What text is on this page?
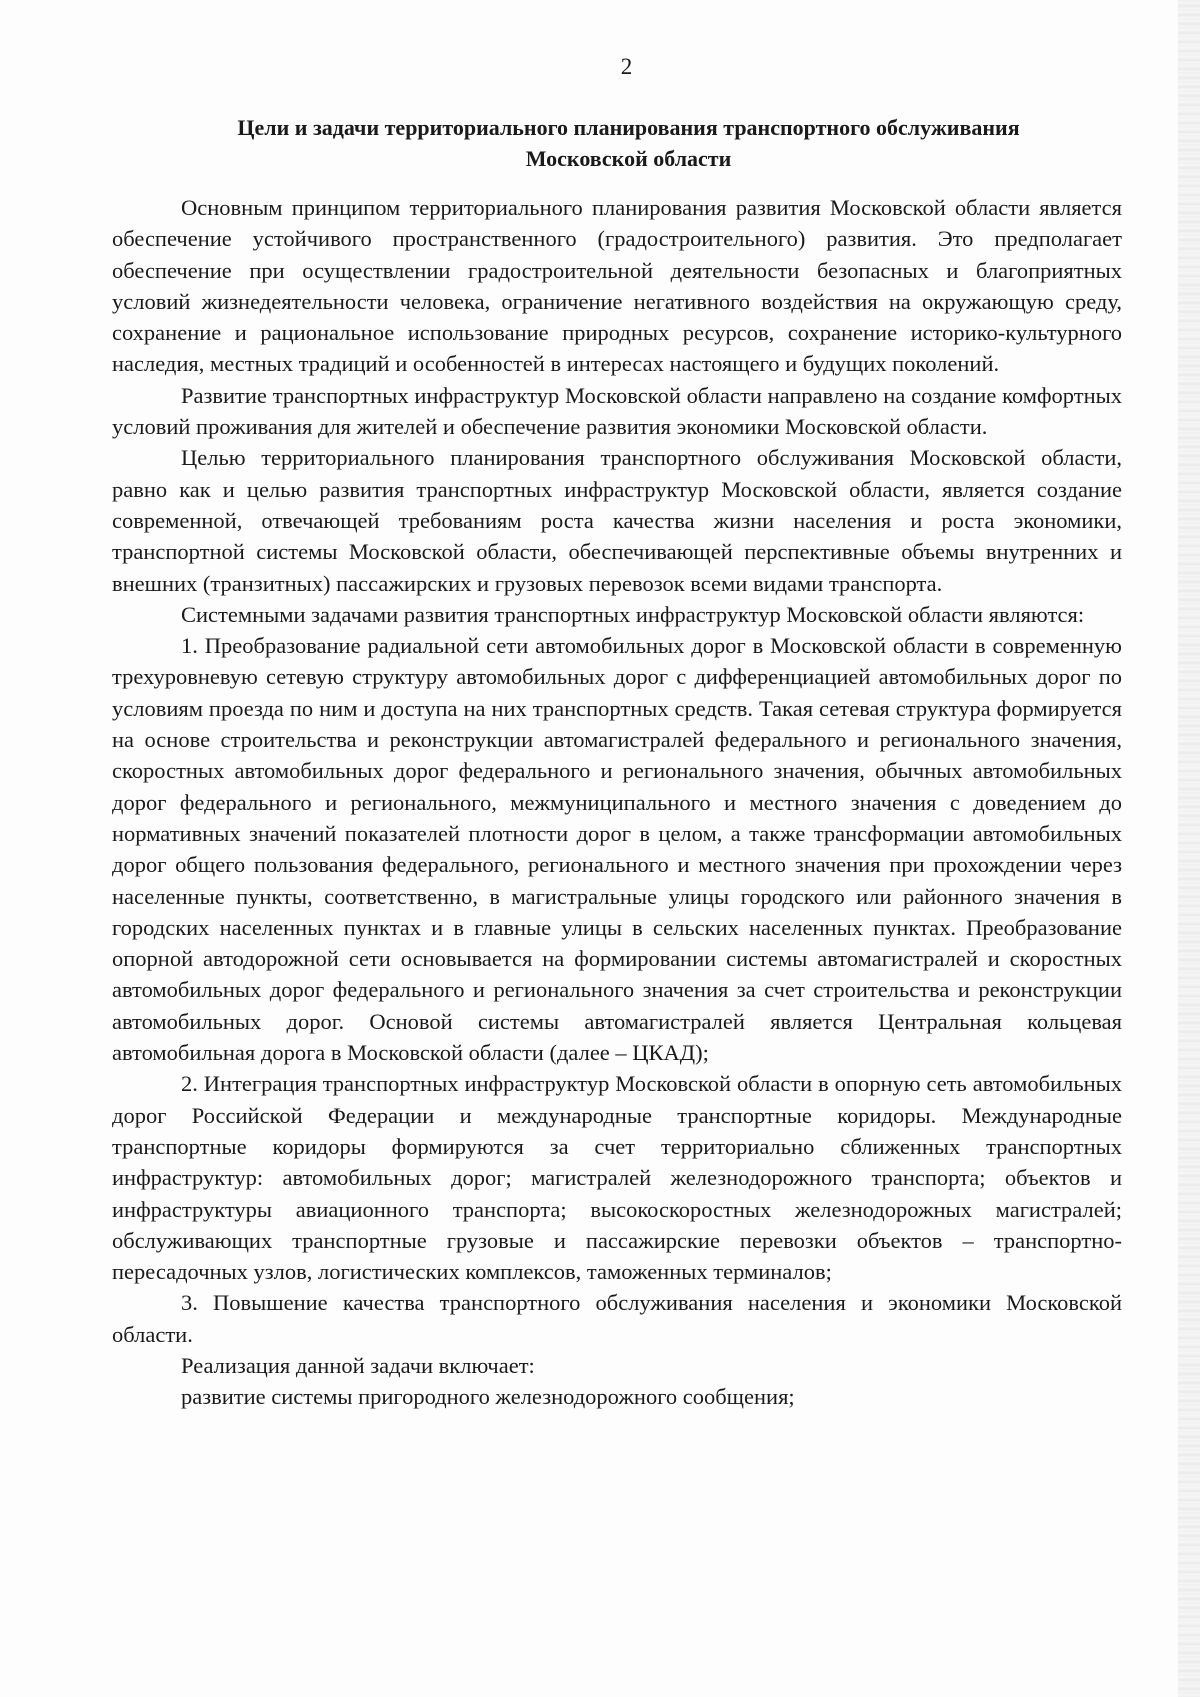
2
Цели и задачи территориального планирования транспортного обслуживания
Московской области

Основным принципом территориального планирования развития Московской области является обеспечение устойчивого пространственного (градостроительного) развития. Это предполагает обеспечение при осуществлении градостроительной деятельности безопасных и благоприятных условий жизнедеятельности человека, ограничение негативного воздействия на окружающую среду, сохранение и рациональное использование природных ресурсов, сохранение историко-культурного наследия, местных традиций и особенностей в интересах настоящего и будущих поколений.

Развитие транспортных инфраструктур Московской области направлено на создание комфортных условий проживания для жителей и обеспечение развития экономики Московской области.

Целью территориального планирования транспортного обслуживания Московской области, равно как и целью развития транспортных инфраструктур Московской области, является создание современной, отвечающей требованиям роста качества жизни населения и роста экономики, транспортной системы Московской области, обеспечивающей перспективные объемы внутренних и внешних (транзитных) пассажирских и грузовых перевозок всеми видами транспорта.

Системными задачами развития транспортных инфраструктур Московской области являются:

1. Преобразование радиальной сети автомобильных дорог в Московской области в современную трехуровневую сетевую структуру автомобильных дорог с дифференциацией автомобильных дорог по условиям проезда по ним и доступа на них транспортных средств. Такая сетевая структура формируется на основе строительства и реконструкции автомагистралей федерального и регионального значения, скоростных автомобильных дорог федерального и регионального значения, обычных автомобильных дорог федерального и регионального, межмуниципального и местного значения с доведением до нормативных значений показателей плотности дорог в целом, а также трансформации автомобильных дорог общего пользования федерального, регионального и местного значения при прохождении через населенные пункты, соответственно, в магистральные улицы городского или районного значения в городских населенных пунктах и в главные улицы в сельских населенных пунктах. Преобразование опорной автодорожной сети основывается на формировании системы автомагистралей и скоростных автомобильных дорог федерального и регионального значения за счет строительства и реконструкции автомобильных дорог. Основой системы автомагистралей является Центральная кольцевая автомобильная дорога в Московской области (далее – ЦКАД);

2. Интеграция транспортных инфраструктур Московской области в опорную сеть автомобильных дорог Российской Федерации и международные транспортные коридоры. Международные транспортные коридоры формируются за счет территориально сближенных транспортных инфраструктур: автомобильных дорог; магистралей железнодорожного транспорта; объектов и инфраструктуры авиационного транспорта; высокоскоростных железнодорожных магистралей; обслуживающих транспортные грузовые и пассажирские перевозки объектов – транспортно-пересадочных узлов, логистических комплексов, таможенных терминалов;

3. Повышение качества транспортного обслуживания населения и экономики Московской области.

Реализация данной задачи включает:

развитие системы пригородного железнодорожного сообщения;
